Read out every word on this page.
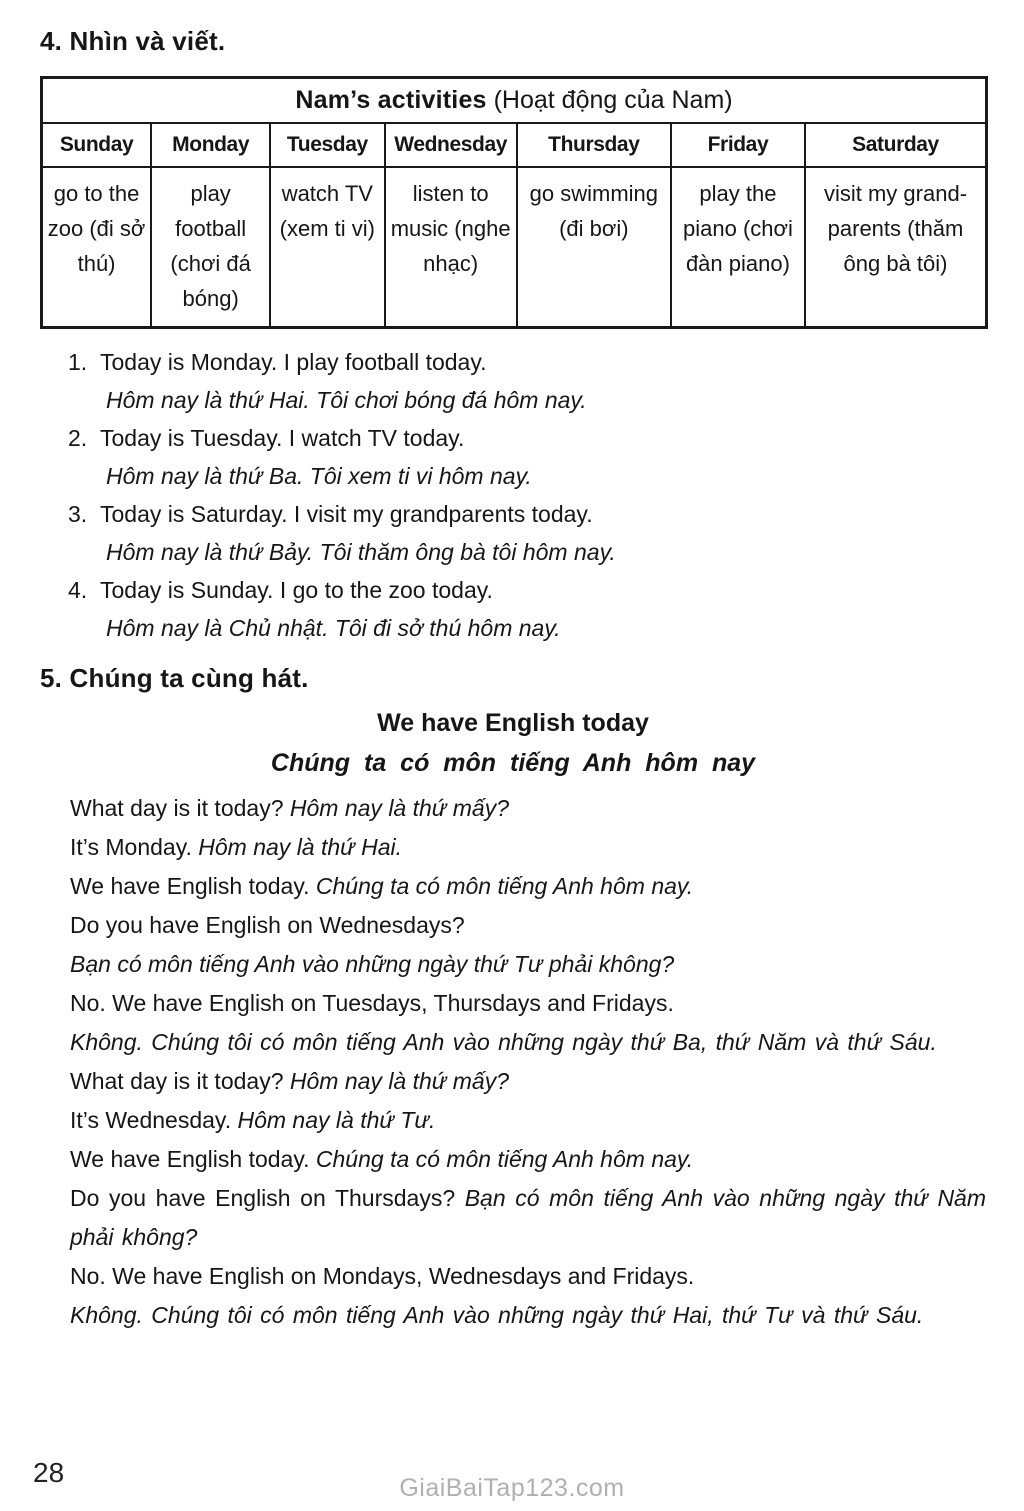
4. Nhìn và viết.
Nam’s activities (Hoạt động của Nam)						
Sunday	Monday	Tuesday	Wednesday	Thursday	Friday	Saturday
go to the zoo (đi sở thú)	play football (chơi đá bóng)	watch TV (xem ti vi)	listen to music (nghe nhạc)	go swimming (đi bơi)	play the piano (chơi đàn piano)	visit my grand-parents (thăm ông bà tôi)
1. Today is Monday. I play football today.
Hôm nay là thứ Hai. Tôi chơi bóng đá hôm nay.
2. Today is Tuesday. I watch TV today.
Hôm nay là thứ Ba. Tôi xem ti vi hôm nay.
3. Today is Saturday. I visit my grandparents today.
Hôm nay là thứ Bảy. Tôi thăm ông bà tôi hôm nay.
4. Today is Sunday. I go to the zoo today.
Hôm nay là Chủ nhật. Tôi đi sở thú hôm nay.
5. Chúng ta cùng hát.
We have English today
Chúng ta có môn tiếng Anh hôm nay

What day is it today? Hôm nay là thứ mấy?

It’s Monday. Hôm nay là thứ Hai.

We have English today. Chúng ta có môn tiếng Anh hôm nay.

Do you have English on Wednesdays?

Bạn có môn tiếng Anh vào những ngày thứ Tư phải không?

No. We have English on Tuesdays, Thursdays and Fridays.

Không. Chúng tôi có môn tiếng Anh vào những ngày thứ Ba, thứ Năm và thứ Sáu.

What day is it today? Hôm nay là thứ mấy?

It’s Wednesday. Hôm nay là thứ Tư.

We have English today. Chúng ta có môn tiếng Anh hôm nay.

Do you have English on Thursdays? Bạn có môn tiếng Anh vào những ngày thứ Năm phải không?

No. We have English on Mondays, Wednesdays and Fridays.

Không. Chúng tôi có môn tiếng Anh vào những ngày thứ Hai, thứ Tư và thứ Sáu.

28	GiaiBaiTap123.com
